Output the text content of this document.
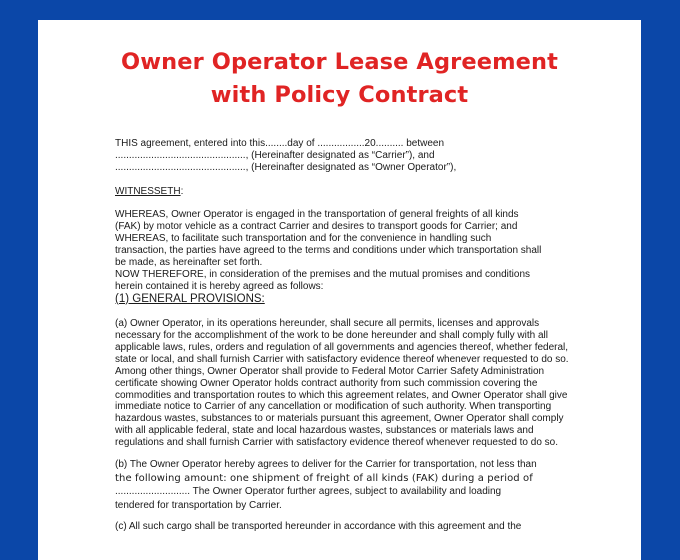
Owner Operator Lease Agreement
with Policy Contract

THIS agreement, entered into this........day of .................20.......... between

..............................................., (Hereinafter designated as “Carrier”), and

..............................................., (Hereinafter designated as “Owner Operator”),

WITNESSETH:

WHEREAS, Owner Operator is engaged in the transportation of general freights of all kinds

(FAK) by motor vehicle as a contract Carrier and desires to transport goods for Carrier; and

WHEREAS, to facilitate such transportation and for the convenience in handling such

transaction, the parties have agreed to the terms and conditions under which transportation shall

be made, as hereinafter set forth.

NOW THEREFORE, in consideration of the premises and the mutual promises and conditions

herein contained it is hereby agreed as follows:

(1) GENERAL PROVISIONS:

(a) Owner Operator, in its operations hereunder, shall secure all permits, licenses and approvals

necessary for the accomplishment of the work to be done hereunder and shall comply fully with all

applicable laws, rules, orders and regulation of all governments and agencies thereof, whether federal,

state or local, and shall furnish Carrier with satisfactory evidence thereof whenever requested to do so.

Among other things, Owner Operator shall provide to Federal Motor Carrier Safety Administration

certificate showing Owner Operator holds contract authority from such commission covering the

commodities and transportation routes to which this agreement relates, and Owner Operator shall give

immediate notice to Carrier of any cancellation or modification of such authority. When transporting

hazardous wastes, substances to or materials pursuant this agreement, Owner Operator shall comply

with all applicable federal, state and local hazardous wastes, substances or materials laws and

regulations and shall furnish Carrier with satisfactory evidence thereof whenever requested to do so.

(b) The Owner Operator hereby agrees to deliver for the Carrier for transportation, not less than

the following amount: one shipment of freight of all kinds (FAK) during a period of

........................... The Owner Operator further agrees, subject to availability and loading

tendered for transportation by Carrier.

(c) All such cargo shall be transported hereunder in accordance with this agreement and the
